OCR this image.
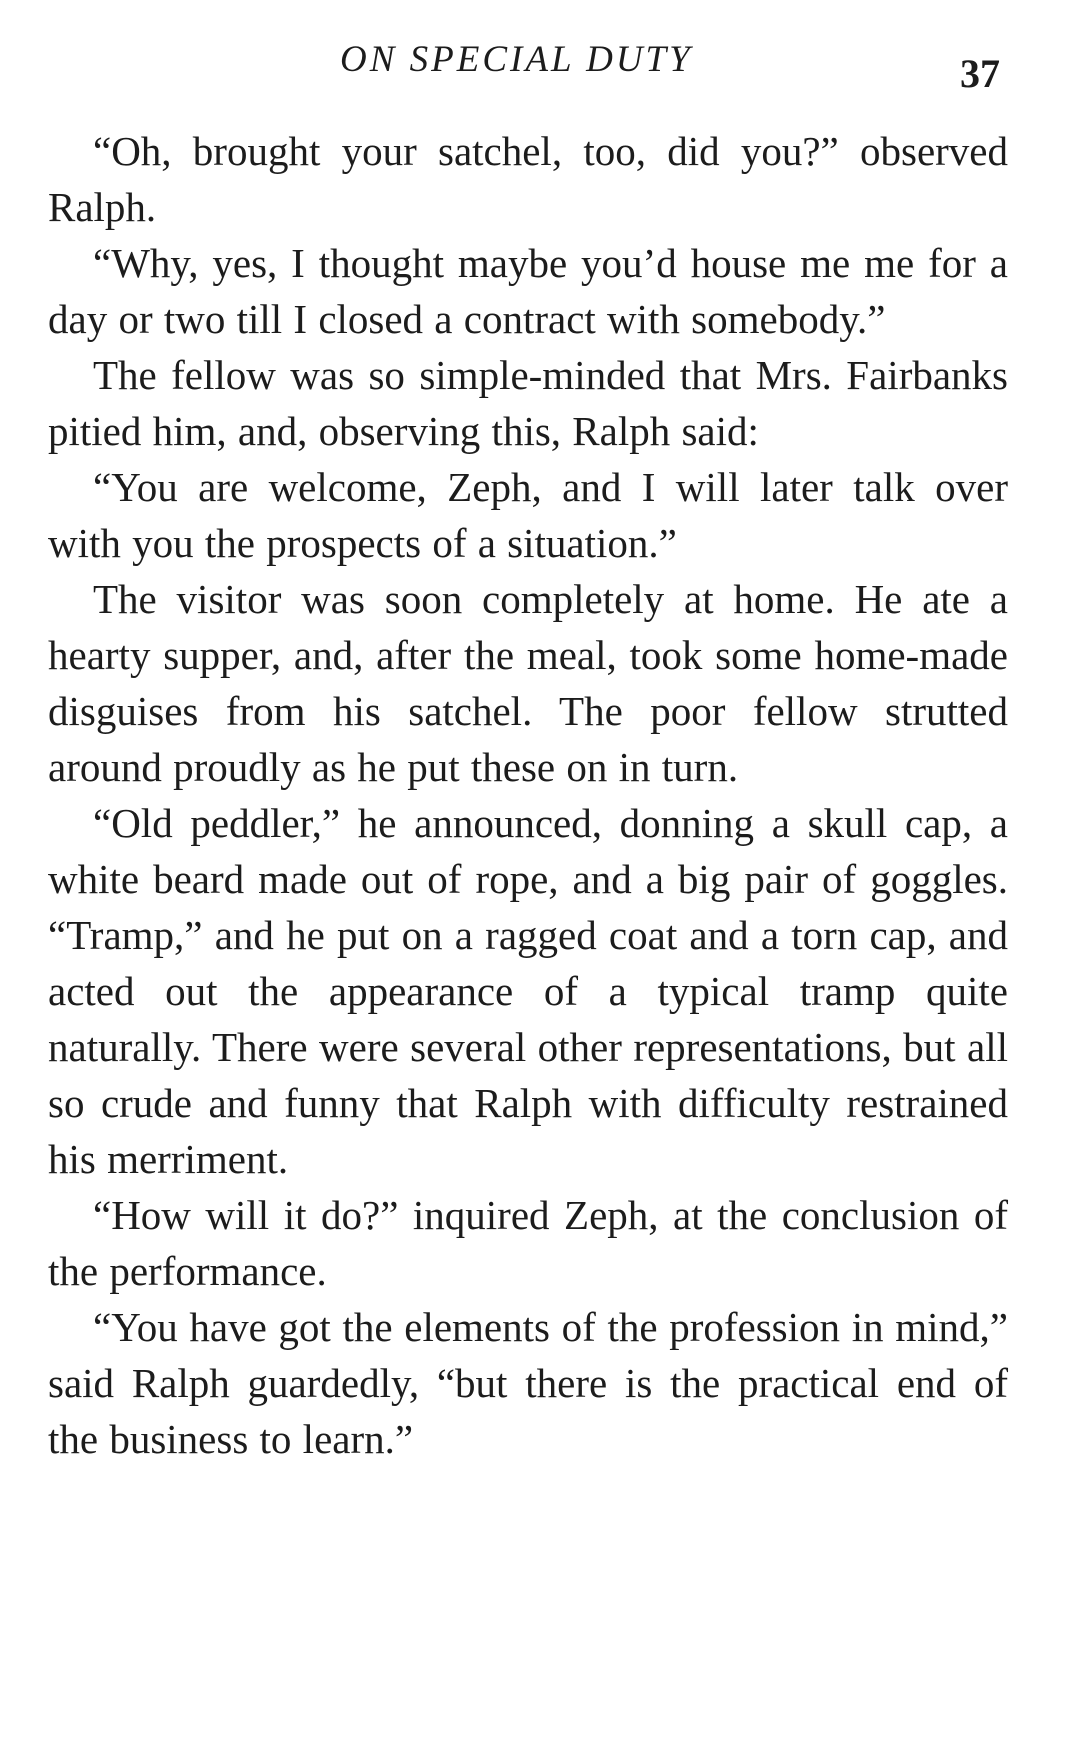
ON SPECIAL DUTY	37

“Oh, brought your satchel, too, did you?” observed Ralph.

“Why, yes, I thought maybe you’d house me me for a day or two till I closed a contract with somebody.”

The fellow was so simple-minded that Mrs. Fairbanks pitied him, and, observing this, Ralph said:

“You are welcome, Zeph, and I will later talk over with you the prospects of a situation.”

The visitor was soon completely at home. He ate a hearty supper, and, after the meal, took some home-made disguises from his satchel. The poor fellow strutted around proudly as he put these on in turn.

“Old peddler,” he announced, donning a skull cap, a white beard made out of rope, and a big pair of goggles. “Tramp,” and he put on a ragged coat and a torn cap, and acted out the appearance of a typical tramp quite naturally. There were several other representations, but all so crude and funny that Ralph with difficulty restrained his merriment.

“How will it do?” inquired Zeph, at the conclusion of the performance.

“You have got the elements of the profession in mind,” said Ralph guardedly, “but there is the practical end of the business to learn.”
